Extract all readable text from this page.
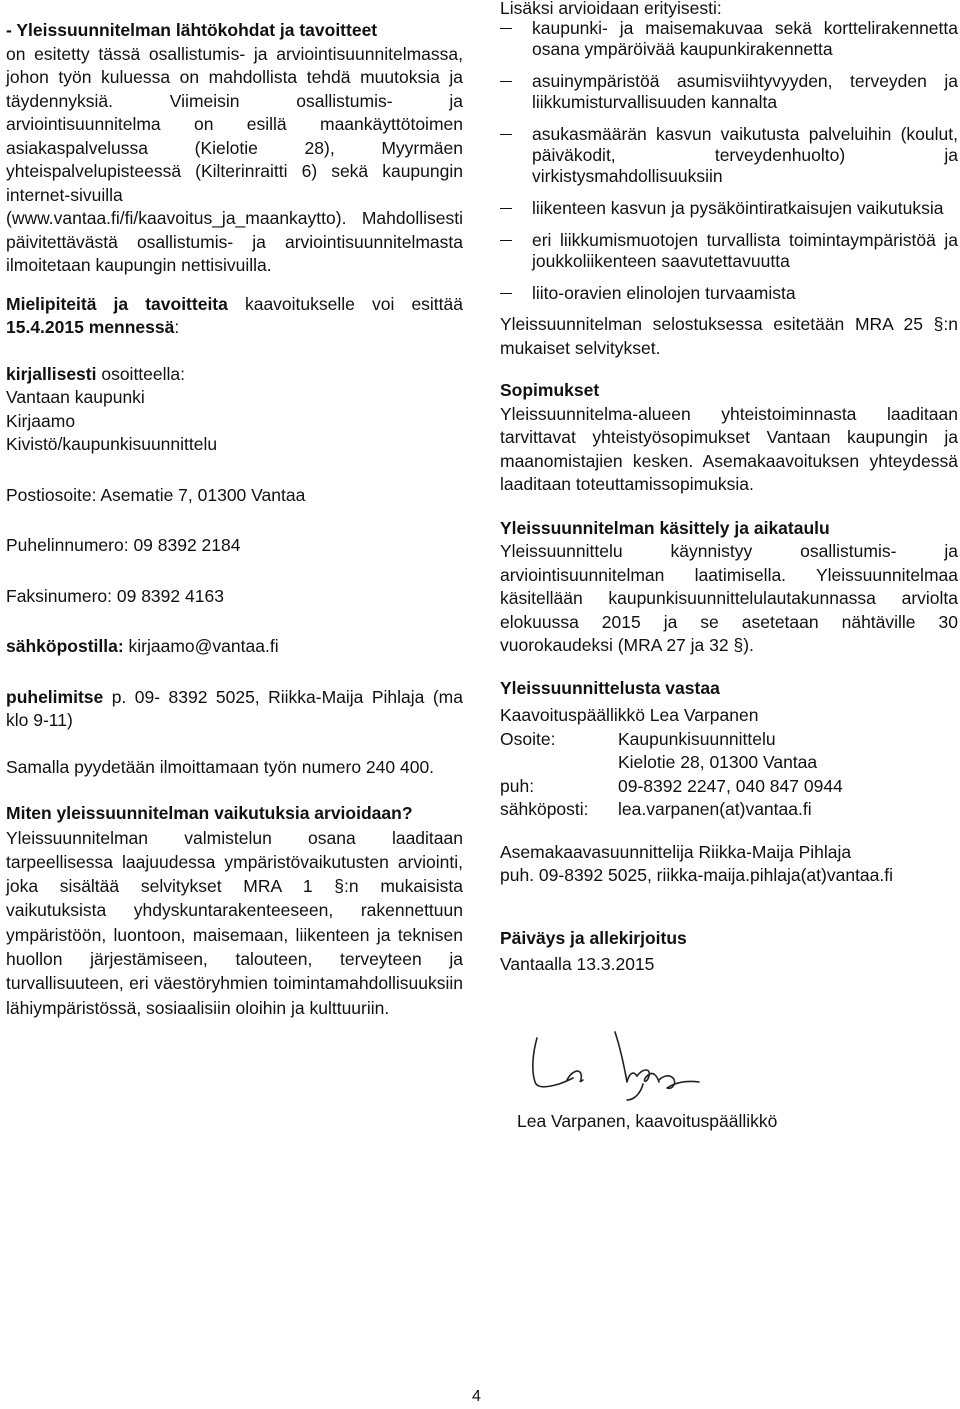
- Yleissuunnitelman lähtökohdat ja tavoitteet
on esitetty tässä osallistumis- ja arviointisuunnitelmassa, johon työn kuluessa on mahdollista tehdä muutoksia ja täydennyksiä. Viimeisin osallistumis- ja arviointisuunnitelma on esillä maankäyttötoimen asiakaspalvelussa (Kielotie 28), Myyrmäen yhteispalvelupisteessä (Kilterinraitti 6) sekä kaupungin internet-sivuilla
(www.vantaa.fi/fi/kaavoitus_ja_maankaytto). Mahdollisesti päivitettävästä osallistumis- ja arviointisuunnitelmasta ilmoitetaan kaupungin nettisivuilla.

Mielipiteitä ja tavoitteita kaavoitukselle voi esittää 15.4.2015 mennessä:

kirjallisesti osoitteella:

Vantaan kaupunki

Kirjaamo

Kivistö/kaupunkisuunnittelu

Postiosoite: Asematie 7, 01300 Vantaa

Puhelinnumero: 09 8392 2184

Faksinumero: 09 8392 4163

sähköpostilla: kirjaamo@vantaa.fi

puhelimitse p. 09- 8392 5025, Riikka-Maija Pihlaja (ma klo 9-11)

Samalla pyydetään ilmoittamaan työn numero 240 400.

Miten yleissuunnitelman vaikutuksia arvioidaan?

Yleissuunnitelman valmistelun osana laaditaan tarpeellisessa laajuudessa ympäristövaikutusten arviointi, joka sisältää selvitykset MRA 1 §:n mukaisista vaikutuksista yhdyskuntarakenteeseen, rakennettuun ympäristöön, luontoon, maisemaan, liikenteen ja teknisen huollon järjestämiseen, talouteen, terveyteen ja turvallisuuteen, eri väestöryhmien toimintamahdollisuuksiin lähiympäristössä, sosiaalisiin oloihin ja kulttuuriin.

Lisäksi arvioidaan erityisesti:

kaupunki- ja maisemakuvaa sekä korttelirakennetta osana ympäröivää kaupunkirakennetta
asuinympäristöä asumisviihtyvyyden, terveyden ja liikkumisturvallisuuden kannalta
asukasmäärän kasvun vaikutusta palveluihin (koulut, päiväkodit, terveydenhuolto) ja virkistysmahdollisuuksiin
liikenteen kasvun ja pysäköintiratkaisujen vaikutuksia
eri liikkumismuotojen turvallista toimintaympäristöä ja joukkoliikenteen saavutettavuutta
liito-oravien elinolojen turvaamista

Yleissuunnitelman selostuksessa esitetään MRA 25 §:n mukaiset selvitykset.

Sopimukset

Yleissuunnitelma-alueen yhteistoiminnasta laaditaan tarvittavat yhteistyösopimukset Vantaan kaupungin ja maanomistajien kesken. Asemakaavoituksen yhteydessä laaditaan toteuttamissopimuksia.

Yleissuunnitelman käsittely ja aikataulu

Yleissuunnittelu käynnistyy osallistumis- ja arviointisuunnitelman laatimisella. Yleissuunnitelmaa käsitellään kaupunkisuunnittelulautakunnassa arviolta elokuussa 2015 ja se asetetaan nähtäville 30 vuorokaudeksi (MRA 27 ja 32 §).

Yleissuunnittelusta vastaa

Kaavoituspäällikkö Lea Varpanen

Osoite:	Kaupunkisuunnittelu
Kielotie 28, 01300 Vantaa
puh:	09-8392 2247, 040 847 0944
sähköposti: lea.varpanen(at)vantaa.fi

Asemakaavasuunnittelija Riikka-Maija Pihlaja

puh. 09-8392 5025, riikka-maija.pihlaja(at)vantaa.fi

Päiväys ja allekirjoitus

Vantaalla 13.3.2015

Lea Varpanen, kaavoituspäällikkö
4
